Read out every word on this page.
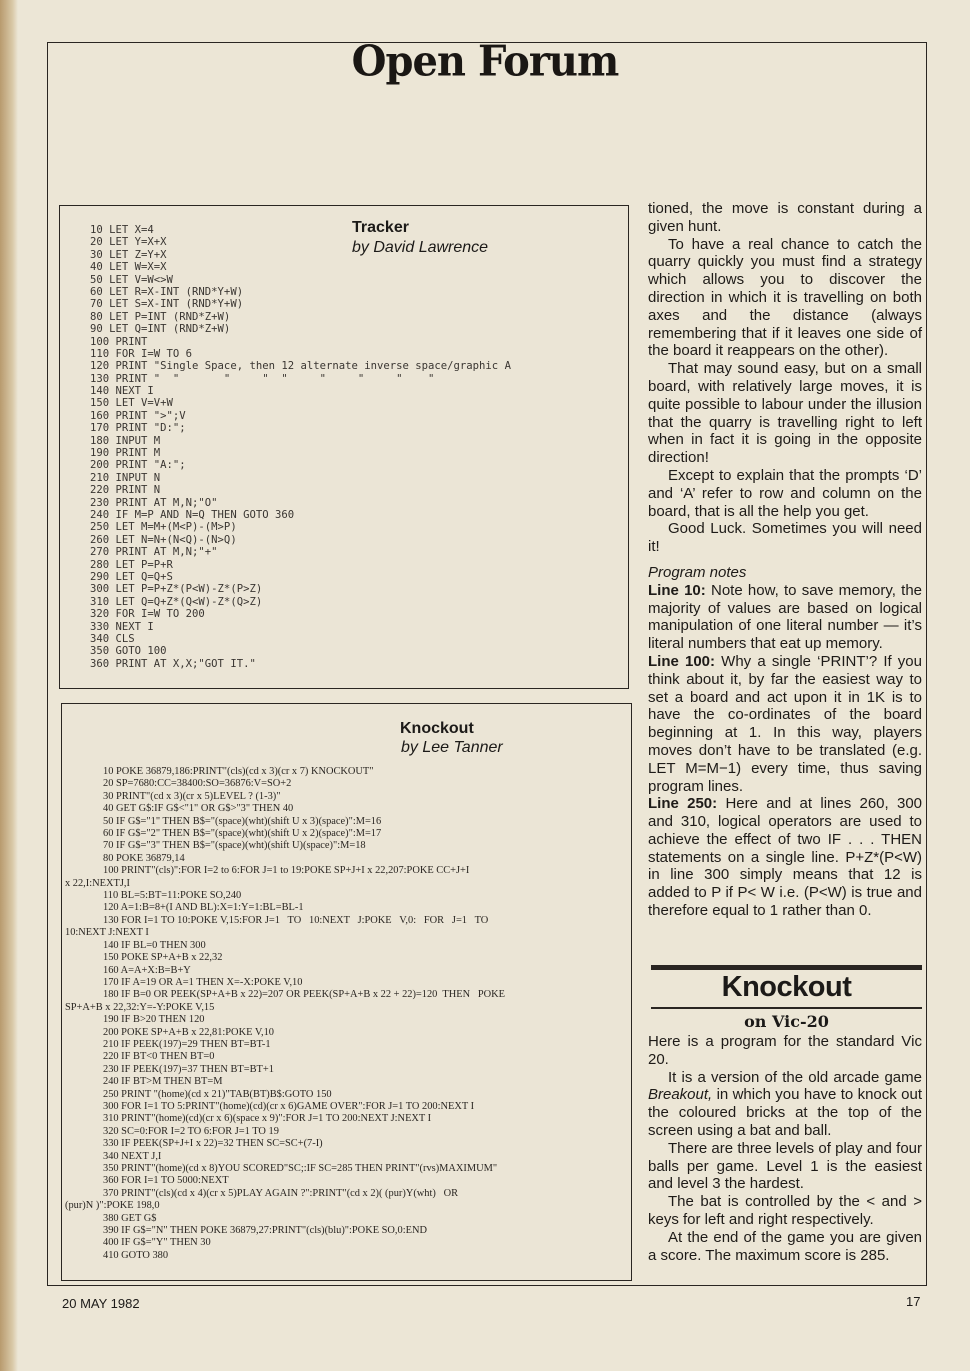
Open Forum
Tracker
by David Lawrence
10 LET X=4
20 LET Y=X+X
30 LET Z=Y+X
40 LET W=X=X
50 LET V=W<>W
60 LET R=X-INT (RND*Y+W)
70 LET S=X-INT (RND*Y+W)
80 LET P=INT (RND*Z+W)
90 LET Q=INT (RND*Z+W)
100 PRINT
110 FOR I=W TO 6
120 PRINT "Single Space, then 12 alternate inverse space/graphic A
130 PRINT "  "       "     "  "     "     "     "    "
140 NEXT I
150 LET V=V+W
160 PRINT ">";V
170 PRINT "D:";
180 INPUT M
190 PRINT M
200 PRINT "A:";
210 INPUT N
220 PRINT N
230 PRINT AT M,N;"O"
240 IF M=P AND N=Q THEN GOTO 360
250 LET M=M+(M<P)-(M>P)
260 LET N=N+(N<Q)-(N>Q)
270 PRINT AT M,N;"+"
280 LET P=P+R
290 LET Q=Q+S
300 LET P=P+Z*(P<W)-Z*(P>Z)
310 LET Q=Q+Z*(Q<W)-Z*(Q>Z)
320 FOR I=W TO 200
330 NEXT I
340 CLS
350 GOTO 100
360 PRINT AT X,X;"GOT IT."
Knockout
by Lee Tanner
10 POKE 36879,186:PRINT"(cls)(cd x 3)(cr x 7) KNOCKOUT"
20 SP=7680:CC=38400:SO=36876:V=SO+2
30 PRINT"(cd x 3)(cr x 5)LEVEL ? (1-3)"
40 GET G$:IF G$<"1" OR G$>"3" THEN 40
50 IF G$="1" THEN B$="(space)(wht)(shift U x 3)(space)":M=16
60 IF G$="2" THEN B$="(space)(wht)(shift U x 2)(space)":M=17
70 IF G$="3" THEN B$="(space)(wht)(shift U)(space)":M=18
80 POKE 36879,14
100 PRINT"(cls)":FOR I=2 to 6:FOR J=1 to 19:POKE SP+J+I x 22,207:POKE CC+J+I
x 22,I:NEXTJ,I
110 BL=5:BT=11:POKE SO,240
120 A=1:B=8+(I AND BL):X=1:Y=1:BL=BL-1
130 FOR I=1 TO 10:POKE V,15:FOR J=1   TO   10:NEXT   J:POKE   V,0:   FOR   J=1   TO
10:NEXT J:NEXT I
140 IF BL=0 THEN 300
150 POKE SP+A+B x 22,32
160 A=A+X:B=B+Y
170 IF A=19 OR A=1 THEN X=-X:POKE V,10
180 IF B=0 OR PEEK(SP+A+B x 22)=207 OR PEEK(SP+A+B x 22 + 22)=120  THEN   POKE
SP+A+B x 22,32:Y=-Y:POKE V,15
190 IF B>20 THEN 120
200 POKE SP+A+B x 22,81:POKE V,10
210 IF PEEK(197)=29 THEN BT=BT-1
220 IF BT<0 THEN BT=0
230 IF PEEK(197)=37 THEN BT=BT+1
240 IF BT>M THEN BT=M
250 PRINT "(home)(cd x 21)"TAB(BT)B$:GOTO 150
300 FOR I=1 TO 5:PRINT"(home)(cd)(cr x 6)GAME OVER":FOR J=1 TO 200:NEXT I
310 PRINT"(home)(cd)(cr x 6)(space x 9)":FOR J=1 TO 200:NEXT J:NEXT I
320 SC=0:FOR I=2 TO 6:FOR J=1 TO 19
330 IF PEEK(SP+J+I x 22)=32 THEN SC=SC+(7-I)
340 NEXT J,I
350 PRINT"(home)(cd x 8)YOU SCORED"SC;:IF SC=285 THEN PRINT"(rvs)MAXIMUM"
360 FOR I=1 TO 5000:NEXT
370 PRINT"(cls)(cd x 4)(cr x 5)PLAY AGAIN ?":PRINT"(cd x 2)( (pur)Y(wht)   OR
(pur)N )":POKE 198,0
380 GET G$
390 IF G$="N" THEN POKE 36879,27:PRINT"(cls)(blu)":POKE SO,0:END
400 IF G$="Y" THEN 30
410 GOTO 380

tioned, the move is constant during a given hunt.

To have a real chance to catch the quarry quickly you must find a strategy which allows you to discover the direction in which it is travelling on both axes and the distance (always remembering that if it leaves one side of the board it reappears on the other).

That may sound easy, but on a small board, with relatively large moves, it is quite possible to labour under the illusion that the quarry is travelling right to left when in fact it is going in the opposite direction!

Except to explain that the prompts ‘D’ and ‘A’ refer to row and column on the board, that is all the help you get.

Good Luck. Sometimes you will need it!

Program notes

Line 10: Note how, to save memory, the majority of values are based on logical manipulation of one literal number — it’s literal numbers that eat up memory.

Line 100: Why a single ‘PRINT’? If you think about it, by far the easiest way to set a board and act upon it in 1K is to have the co-ordinates of the board beginning at 1. In this way, players moves don’t have to be translated (e.g. LET M=M−1) every time, thus saving program lines.

Line 250: Here and at lines 260, 300 and 310, logical operators are used to achieve the effect of two IF . . . THEN statements on a single line. P+Z*(P<W) in line 300 simply means that 12 is added to P if P< W i.e. (P<W) is true and therefore equal to 1 rather than 0.

Knockout
on Vic-20

Here is a program for the standard Vic 20.

It is a version of the old arcade game Breakout, in which you have to knock out the coloured bricks at the top of the screen using a bat and ball.

There are three levels of play and four balls per game. Level 1 is the easiest and level 3 the hardest.

The bat is controlled by the < and > keys for left and right respectively.

At the end of the game you are given a score. The maximum score is 285.

20 MAY 1982	17
